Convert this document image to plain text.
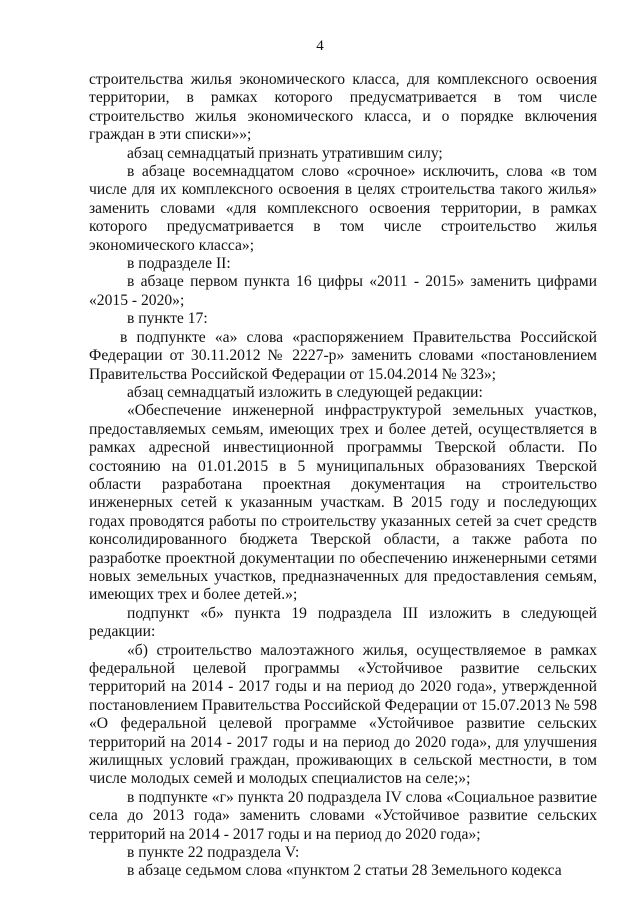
4

строительства жилья экономического класса, для комплексного освоения территории, в рамках которого предусматривается в том числе строительство жилья экономического класса, и о порядке включения граждан в эти списки»»;

абзац семнадцатый признать утратившим силу;

в абзаце восемнадцатом слово «срочное» исключить, слова «в том числе для их комплексного освоения в целях строительства такого жилья» заменить словами «для комплексного освоения территории, в рамках которого предусматривается в том числе строительство жилья экономического класса»;

в подразделе II:

в абзаце первом пункта 16 цифры «2011 - 2015» заменить цифрами «2015 - 2020»;

в пункте 17:

в подпункте «а» слова «распоряжением Правительства Российской Федерации от 30.11.2012 № 2227-р» заменить словами «постановлением Правительства Российской Федерации от 15.04.2014 № 323»;

абзац семнадцатый изложить в следующей редакции:

«Обеспечение инженерной инфраструктурой земельных участков, предоставляемых семьям, имеющих трех и более детей, осуществляется в рамках адресной инвестиционной программы Тверской области. По состоянию на 01.01.2015 в 5 муниципальных образованиях Тверской области разработана проектная документация на строительство инженерных сетей к указанным участкам. В 2015 году и последующих годах проводятся работы по строительству указанных сетей за счет средств консолидированного бюджета Тверской области, а также работа по разработке проектной документации по обеспечению инженерными сетями новых земельных участков, предназначенных для предоставления семьям, имеющих трех и более детей.»;

подпункт «б» пункта 19 подраздела III изложить в следующей редакции:

«б) строительство малоэтажного жилья, осуществляемое в рамках федеральной целевой программы «Устойчивое развитие сельских территорий на 2014 - 2017 годы и на период до 2020 года», утвержденной постановлением Правительства Российской Федерации от 15.07.2013 № 598 «О федеральной целевой программе «Устойчивое развитие сельских территорий на 2014 - 2017 годы и на период до 2020 года», для улучшения жилищных условий граждан, проживающих в сельской местности, в том числе молодых семей и молодых специалистов на селе;»;

в подпункте «г» пункта 20 подраздела IV слова «Социальное развитие села до 2013 года» заменить словами «Устойчивое развитие сельских территорий на 2014 - 2017 годы и на период до 2020 года»;

в пункте 22 подраздела V:

в абзаце седьмом слова «пунктом 2 статьи 28 Земельного кодекса
